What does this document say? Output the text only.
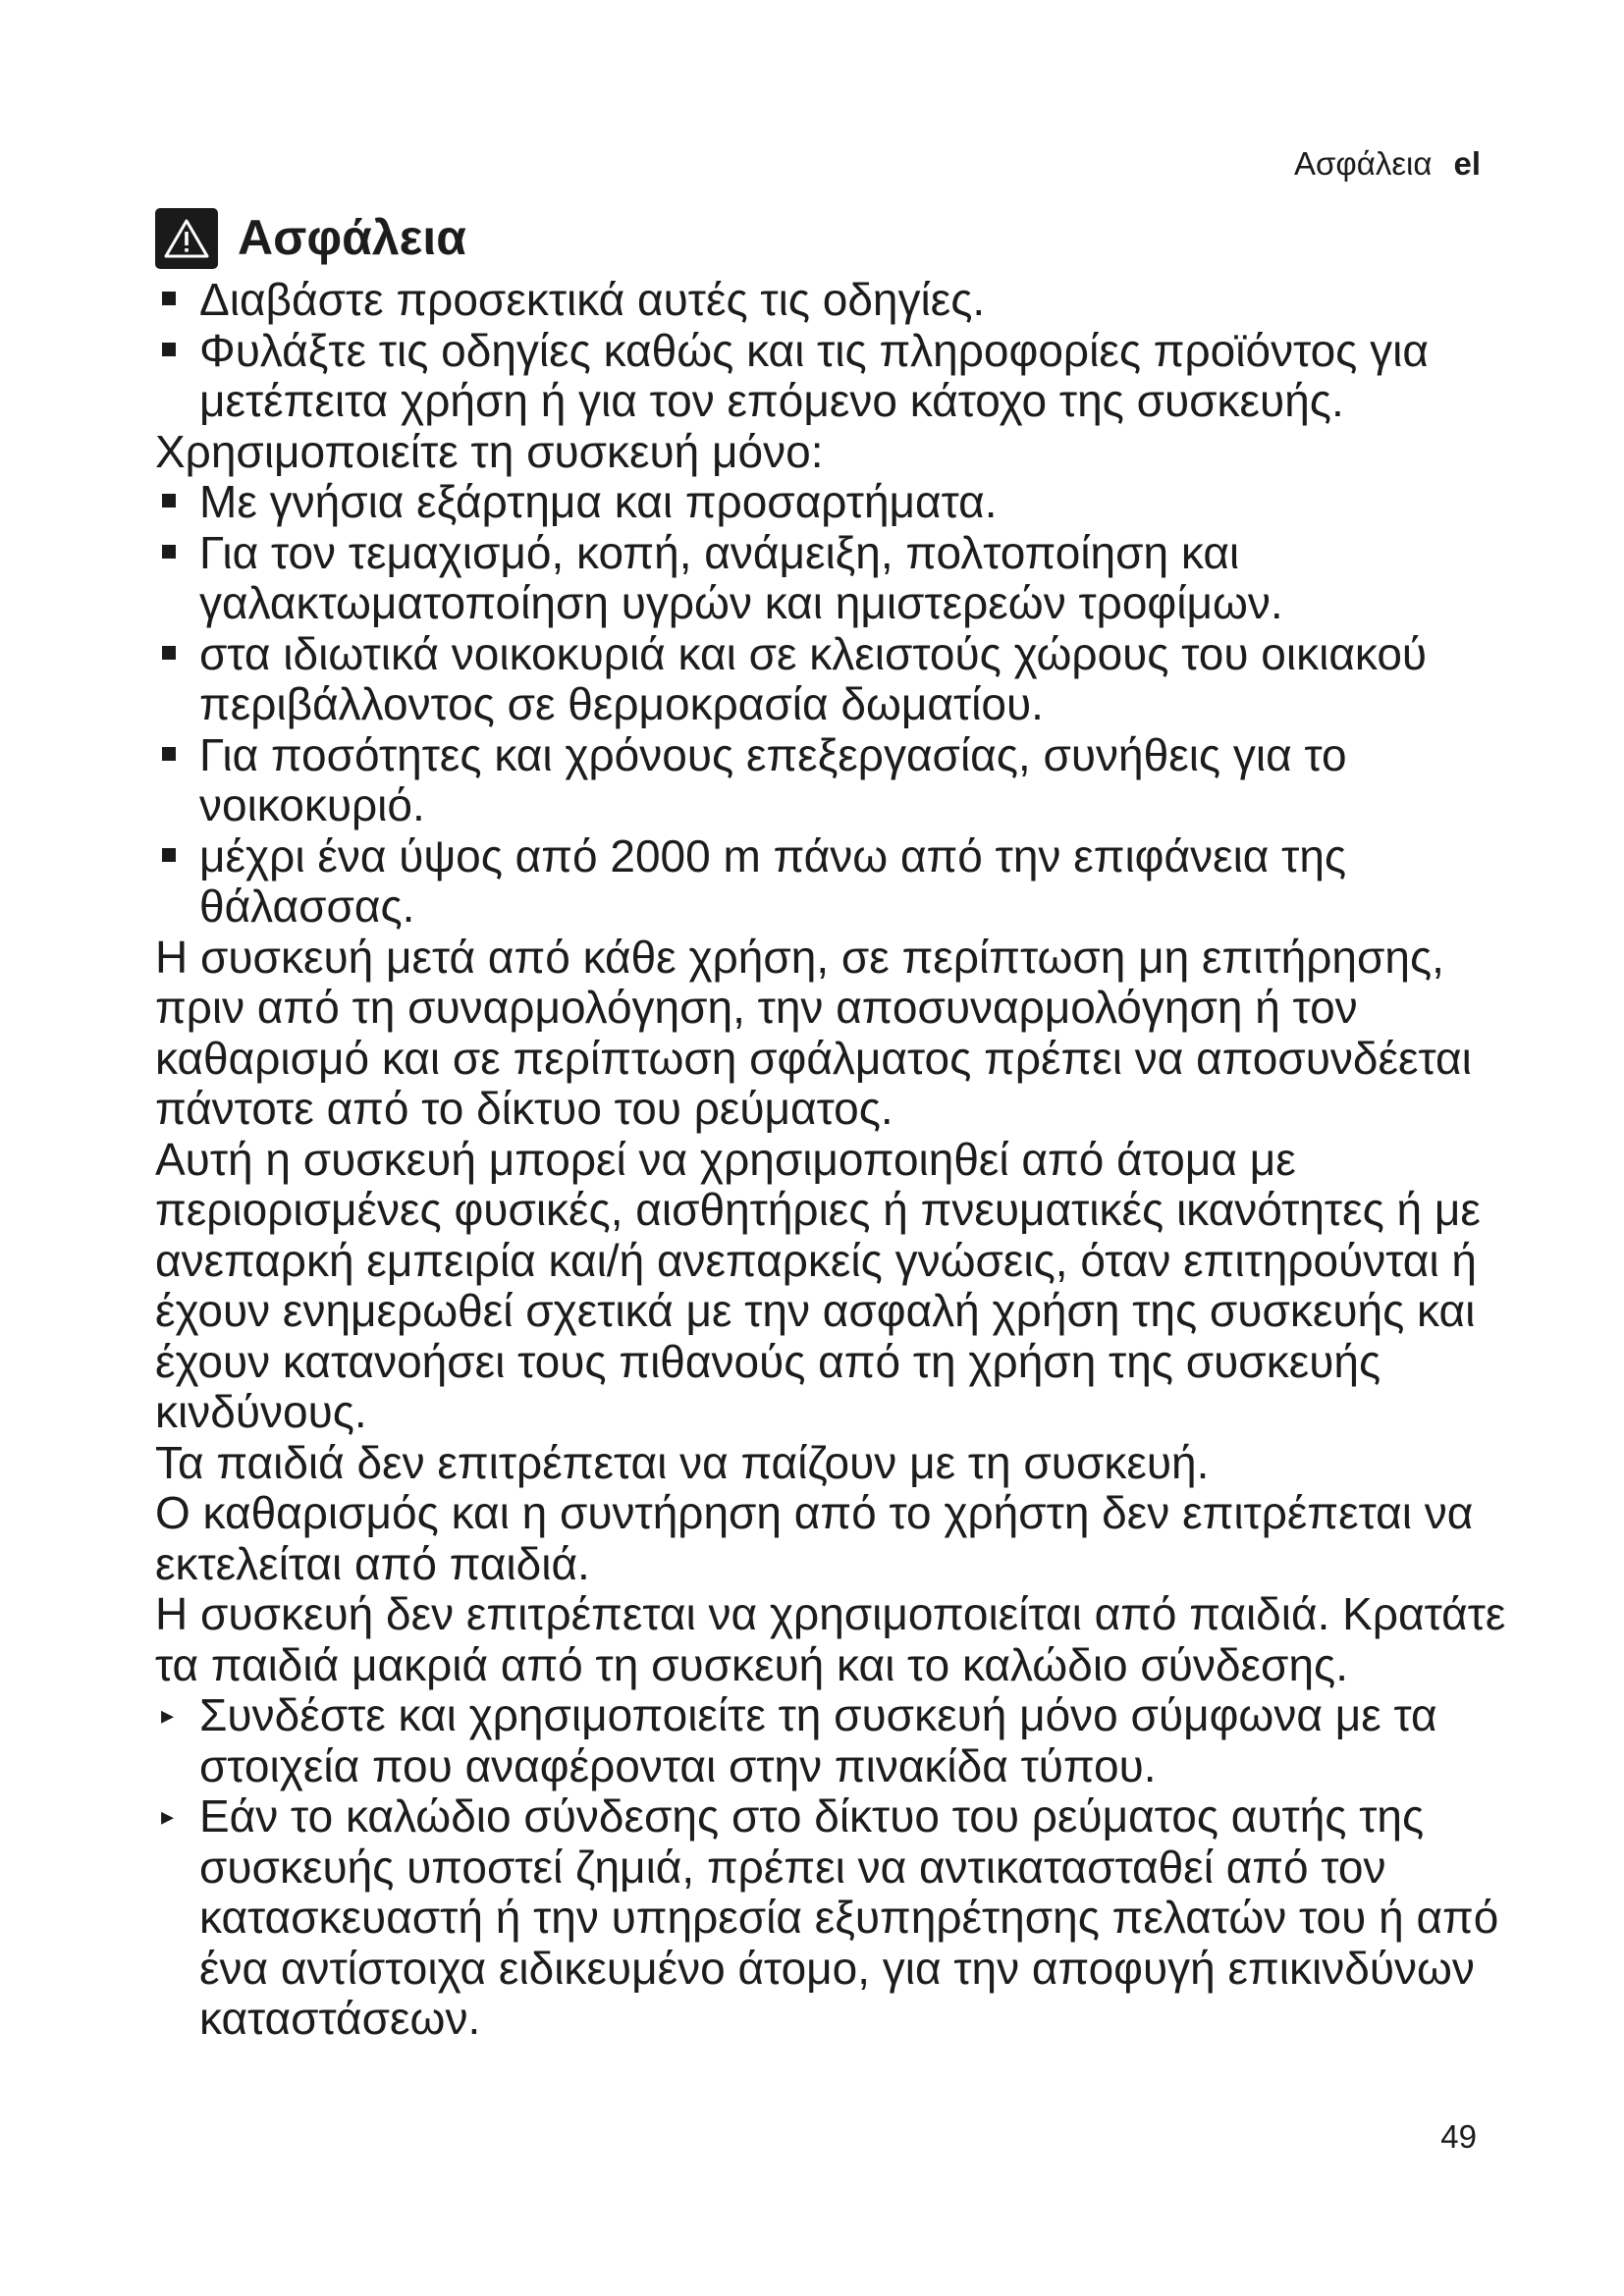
Ασφάλεια el
Ασφάλεια
Διαβάστε προσεκτικά αυτές τις οδηγίες.
Φυλάξτε τις οδηγίες καθώς και τις πληροφορίες προϊόντος για μετέπειτα χρήση ή για τον επόμενο κάτοχο της συσκευής.
Χρησιμοποιείτε τη συσκευή μόνο:
Με γνήσια εξάρτημα και προσαρτήματα.
Για τον τεμαχισμό, κοπή, ανάμειξη, πολτοποίηση και γαλακτωματοποίηση υγρών και ημιστερεών τροφίμων.
στα ιδιωτικά νοικοκυριά και σε κλειστούς χώρους του οικιακού περιβάλλοντος σε θερμοκρασία δωματίου.
Για ποσότητες και χρόνους επεξεργασίας, συνήθεις για το νοικοκυριό.
μέχρι ένα ύψος από 2000 m πάνω από την επιφάνεια της θάλασσας.
Η συσκευή μετά από κάθε χρήση, σε περίπτωση μη επιτήρησης, πριν από τη συναρμολόγηση, την αποσυναρμολόγηση ή τον καθαρισμό και σε περίπτωση σφάλματος πρέπει να αποσυνδέεται πάντοτε από το δίκτυο του ρεύματος.
Αυτή η συσκευή μπορεί να χρησιμοποιηθεί από άτομα με περιορισμένες φυσικές, αισθητήριες ή πνευματικές ικανότητες ή με ανεπαρκή εμπειρία και/ή ανεπαρκείς γνώσεις, όταν επιτηρούνται ή έχουν ενημερωθεί σχετικά με την ασφαλή χρήση της συσκευής και έχουν κατανοήσει τους πιθανούς από τη χρήση της συσκευής κινδύνους.
Τα παιδιά δεν επιτρέπεται να παίζουν με τη συσκευή.
Ο καθαρισμός και η συντήρηση από το χρήστη δεν επιτρέπεται να εκτελείται από παιδιά.
Η συσκευή δεν επιτρέπεται να χρησιμοποιείται από παιδιά. Κρατάτε τα παιδιά μακριά από τη συσκευή και το καλώδιο σύνδεσης.
▸ Συνδέστε και χρησιμοποιείτε τη συσκευή μόνο σύμφωνα με τα στοιχεία που αναφέρονται στην πινακίδα τύπου.
▸ Εάν το καλώδιο σύνδεσης στο δίκτυο του ρεύματος αυτής της συσκευής υποστεί ζημιά, πρέπει να αντικατασταθεί από τον κατασκευαστή ή την υπηρεσία εξυπηρέτησης πελατών του ή από ένα αντίστοιχα ειδικευμένο άτομο, για την αποφυγή επικινδύνων καταστάσεων.
49
